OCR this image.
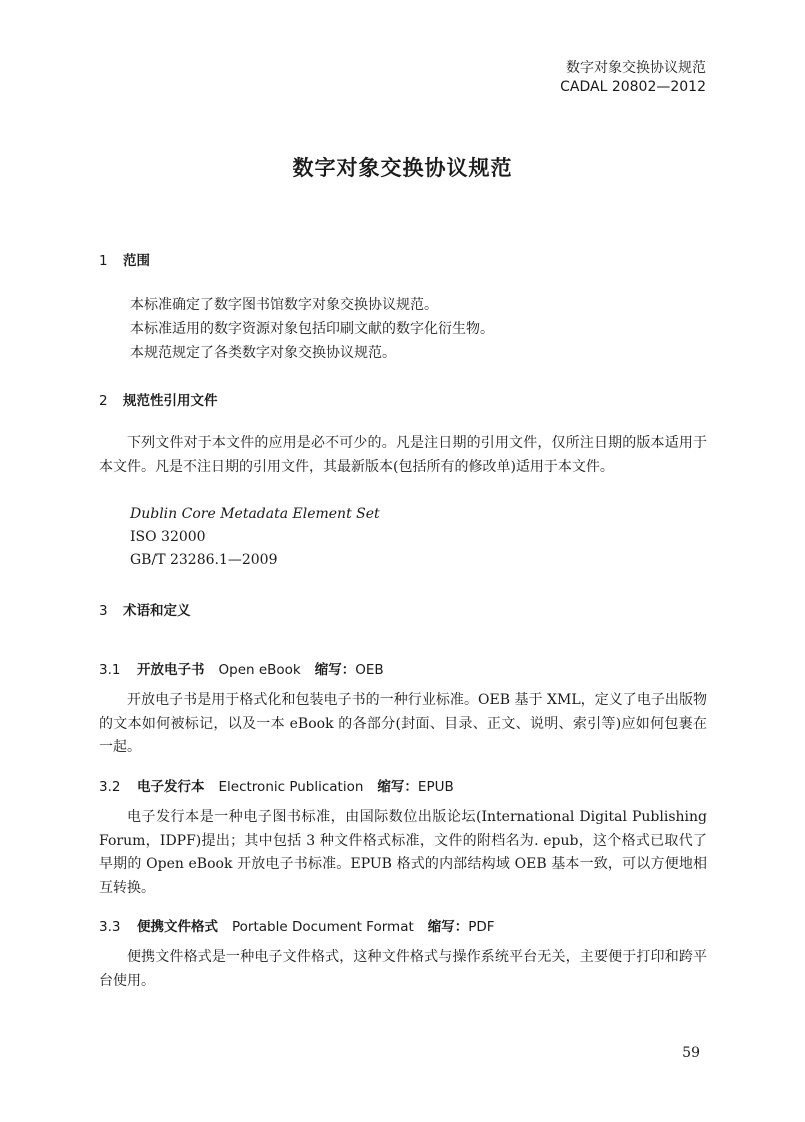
数字对象交换协议规范
CADAL 20802—2012
数字对象交换协议规范
1 范围
本标准确定了数字图书馆数字对象交换协议规范。
本标准适用的数字资源对象包括印刷文献的数字化衍生物。
本规范规定了各类数字对象交换协议规范。
2 规范性引用文件

下列文件对于本文件的应用是必不可少的。凡是注日期的引用文件，仅所注日期的版本适用于本文件。凡是不注日期的引用文件，其最新版本(包括所有的修改单)适用于本文件。

Dublin Core Metadata Element Set
ISO 32000
GB/T 23286.1—2009
3 术语和定义
3.1 开放电子书 Open eBook 缩写：OEB

开放电子书是用于格式化和包装电子书的一种行业标准。OEB 基于 XML，定义了电子出版物的文本如何被标记，以及一本 eBook 的各部分(封面、目录、正文、说明、索引等)应如何包裹在一起。

3.2 电子发行本 Electronic Publication 缩写：EPUB

电子发行本是一种电子图书标准，由国际数位出版论坛(International Digital Publishing Forum，IDPF)提出；其中包括 3 种文件格式标准，文件的附档名为. epub，这个格式已取代了早期的 Open eBook 开放电子书标准。EPUB 格式的内部结构域 OEB 基本一致，可以方便地相互转换。

3.3 便携文件格式 Portable Document Format 缩写：PDF

便携文件格式是一种电子文件格式，这种文件格式与操作系统平台无关，主要便于打印和跨平台使用。

59
